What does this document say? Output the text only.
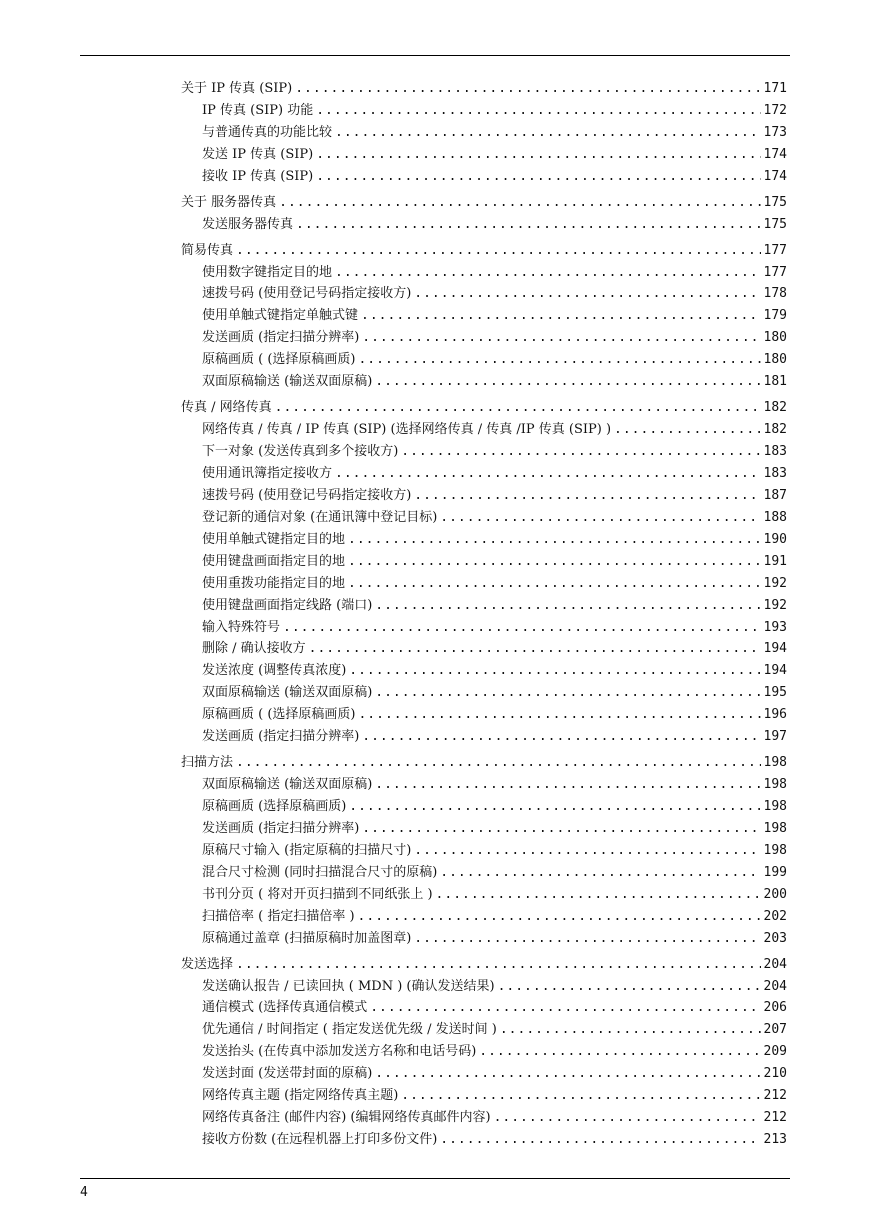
关于 IP 传真 (SIP) .....	171
IP 传真 (SIP) 功能 .....	172
与普通传真的功能比较 .....	173
发送 IP 传真 (SIP) .....	174
接收 IP 传真 (SIP) .....	174
关于 服务器传真 .....	175
发送服务器传真 .....	175
简易传真 .....	177
使用数字键指定目的地 .....	177
速拨号码 (使用登记号码指定接收方) .....	178
使用单触式键指定单触式键 .....	179
发送画质 (指定扫描分辨率) .....	180
原稿画质 ( (选择原稿画质) .....	180
双面原稿输送 (输送双面原稿) .....	181
传真 / 网络传真 .....	182
网络传真 / 传真 / IP 传真 (SIP) (选择网络传真 / 传真 /IP 传真 (SIP) ) .....	182
下一对象 (发送传真到多个接收方) .....	183
使用通讯簿指定接收方 .....	183
速拨号码 (使用登记号码指定接收方) .....	187
登记新的通信对象 (在通讯簿中登记目标) .....	188
使用单触式键指定目的地 .....	190
使用键盘画面指定目的地 .....	191
使用重拨功能指定目的地 .....	192
使用键盘画面指定线路 (端口) .....	192
输入特殊符号 .....	193
删除 / 确认接收方 .....	194
发送浓度 (调整传真浓度) .....	194
双面原稿输送 (输送双面原稿) .....	195
原稿画质 ( (选择原稿画质) .....	196
发送画质 (指定扫描分辨率) .....	197
扫描方法 .....	198
双面原稿输送 (输送双面原稿) .....	198
原稿画质 (选择原稿画质) .....	198
发送画质 (指定扫描分辨率) .....	198
原稿尺寸输入 (指定原稿的扫描尺寸) .....	198
混合尺寸检测 (同时扫描混合尺寸的原稿) .....	199
书刊分页 ( 将对开页扫描到不同纸张上 ) .....	200
扫描倍率 ( 指定扫描倍率 ) .....	202
原稿通过盖章 (扫描原稿时加盖图章) .....	203
发送选择 .....	204
发送确认报告 / 已读回执 ( MDN ) (确认发送结果) .....	204
通信模式 (选择传真通信模式 .....	206
优先通信 / 时间指定 ( 指定发送优先级 / 发送时间 ) .....	207
发送抬头 (在传真中添加发送方名称和电话号码) .....	209
发送封面 (发送带封面的原稿) .....	210
网络传真主题 (指定网络传真主题) .....	212
网络传真备注 (邮件内容) (编辑网络传真邮件内容) .....	212
接收方份数 (在远程机器上打印多份文件) .....	213
4
